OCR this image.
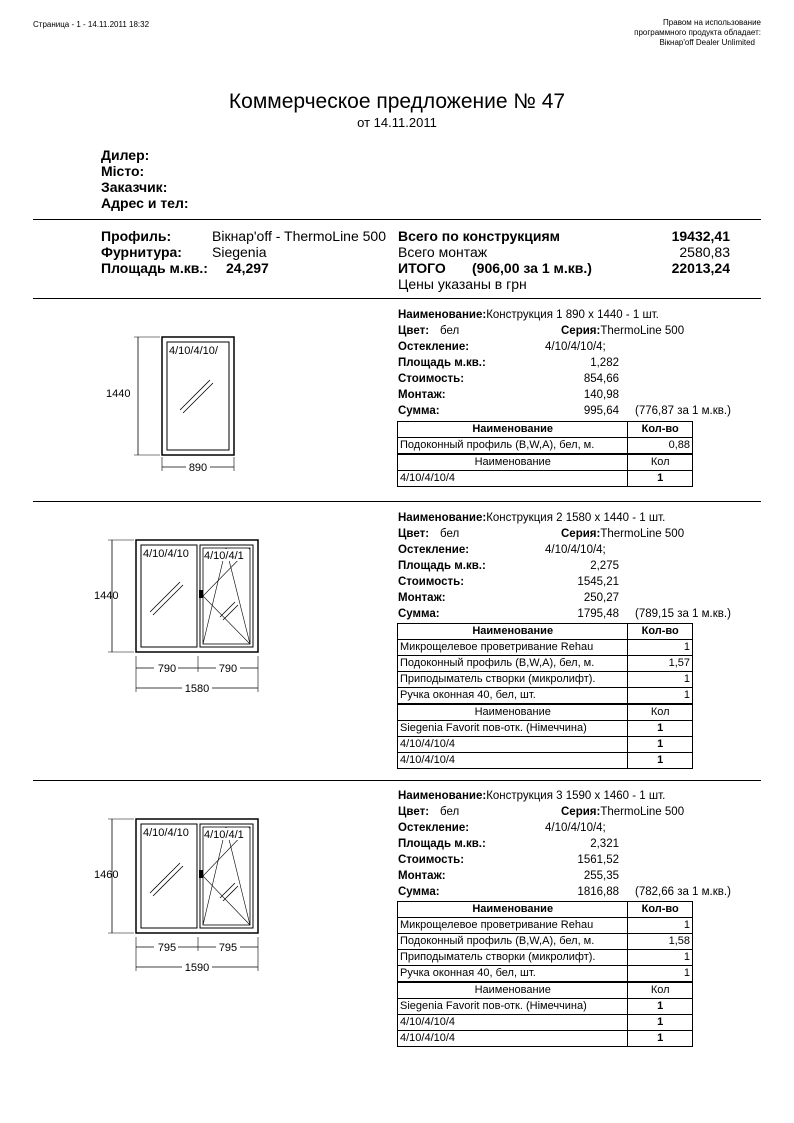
Страница - 1 - 14.11.2011 18:32	Правом на использование
программного продукта обладает:
Вікнар'off Dealer Unlimited
Коммерческое предложение № 47
от 14.11.2011
Дилер:
Місто:
Заказчик:
Адрес и тел:
Профиль:	Вікнар'off - ThermoLine 500
Фурнитура: Siegenia
Площадь м.кв.: 24,297
Всего по конструкциям	19432,41
Всего монтаж	2580,83
ИТОГО (906,00 за 1 м.кв.)	22013,24
Цены указаны в грн
4/10/4/10/
1440
890
Наименование:Конструкция 1 890 x 1440 - 1 шт.
Цвет: бел	Серия:ThermoLine 500
Остекление:	4/10/4/10/4;
Площадь м.кв.:	1,282
Стоимость:	854,66
Монтаж:	140,98
Сумма:	995,64 (776,87 за 1 м.кв.)
Наименование	Кол-во
Подоконный профиль (B,W,A), бел, м.	0,88
Наименование	Кол
4/10/4/10/4	1
4/10/4/10 4/10/4/1
1440
790	790
1580
Наименование:Конструкция 2 1580 x 1440 - 1 шт.
Цвет: бел	Серия:ThermoLine 500
Остекление:	4/10/4/10/4;
Площадь м.кв.:	2,275
Стоимость:	1545,21
Монтаж:	250,27
Сумма:	1795,48 (789,15 за 1 м.кв.)
Наименование	Кол-во
Микрощелевое проветривание Rehau	1
Подоконный профиль (B,W,A), бел, м.	1,57
Приподыматель створки (микролифт).	1
Ручка оконная 40, бел, шт.	1
Наименование	Кол
Siegenia Favorit пов-отк. (Німеччина)	1
4/10/4/10/4	1
4/10/4/10/4	1
4/10/4/10 4/10/4/1
1460
795	795
1590
Наименование:Конструкция 3 1590 x 1460 - 1 шт.
Цвет: бел	Серия:ThermoLine 500
Остекление:	4/10/4/10/4;
Площадь м.кв.:	2,321
Стоимость:	1561,52
Монтаж:	255,35
Сумма:	1816,88 (782,66 за 1 м.кв.)
Наименование	Кол-во
Микрощелевое проветривание Rehau	1
Подоконный профиль (B,W,A), бел, м.	1,58
Приподыматель створки (микролифт).	1
Ручка оконная 40, бел, шт.	1
Наименование	Кол
Siegenia Favorit пов-отк. (Німеччина)	1
4/10/4/10/4	1
4/10/4/10/4	1
